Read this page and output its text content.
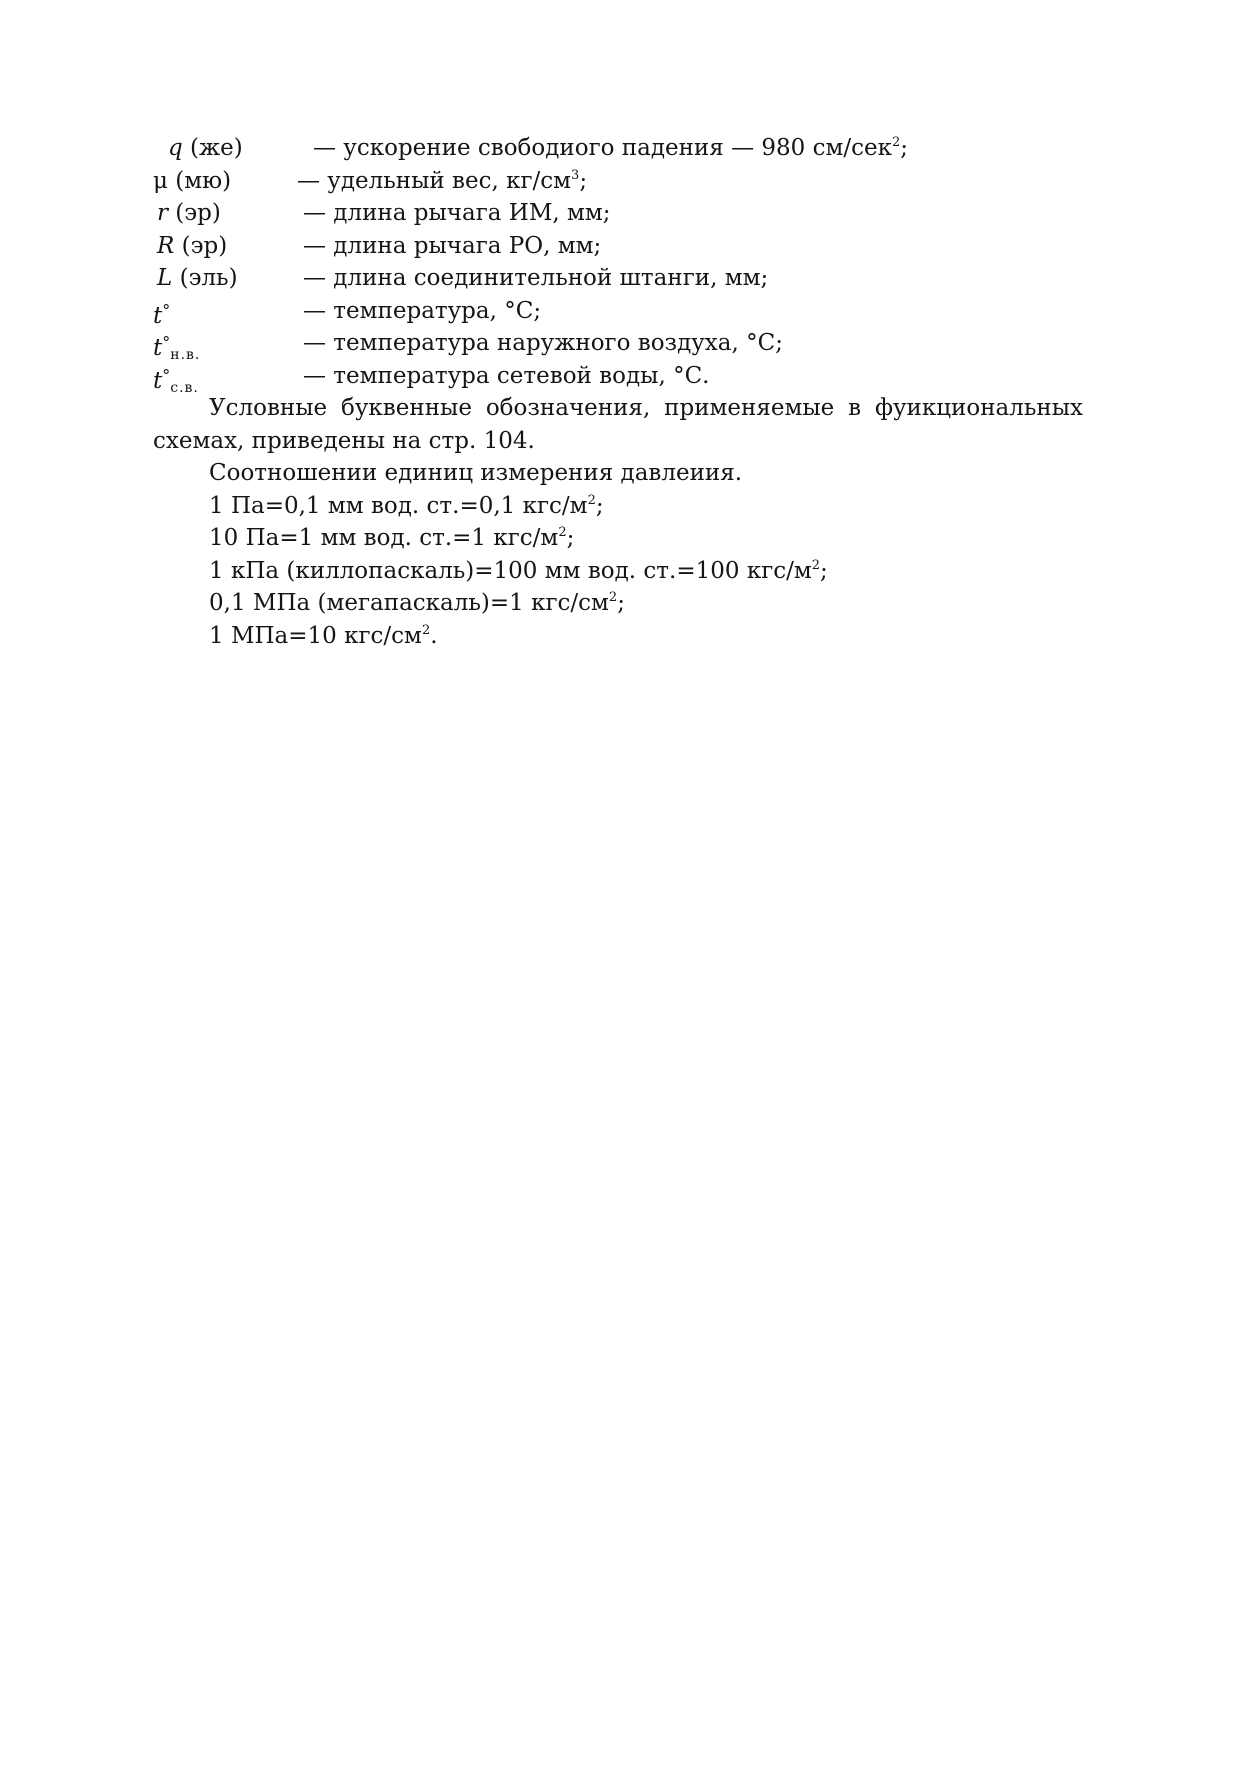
q (же)	— ускорение свободиого падения — 980 см/сек$^2$;
μ (мю)	— удельный вес, $кг/см^3$;
r (эр)	— длина рычага ИМ, мм;
R (эр)	— длина рычага РО, мм;
L (эль)	— длина соединительной штанги, мм;
t°	— температура, °С;
$t^\circ_{н.в.}$	— температура наружного воздуха, °С;
$t^\circ_{с.в.}$	— температура сетевой воды, °С.

Условные буквенные обозначения, применяемые в фуикциональных схемах, приведены на стр. 104.

Соотношении единиц измерения давлеиия.

1 Па=0,1 мм вод. ст.=0,1 кгс/$м^2$;
10 Па=1 мм вод. ст.=1 кгс/$м^2$;
1 кПа (киллопаскаль)=100 мм вод. ст.=100 кгс/$м^2$;
0,1 МПа (мегапаскаль)=1 кгс/$см^2$;
1 МПа=10 кгс/$см^2$.
